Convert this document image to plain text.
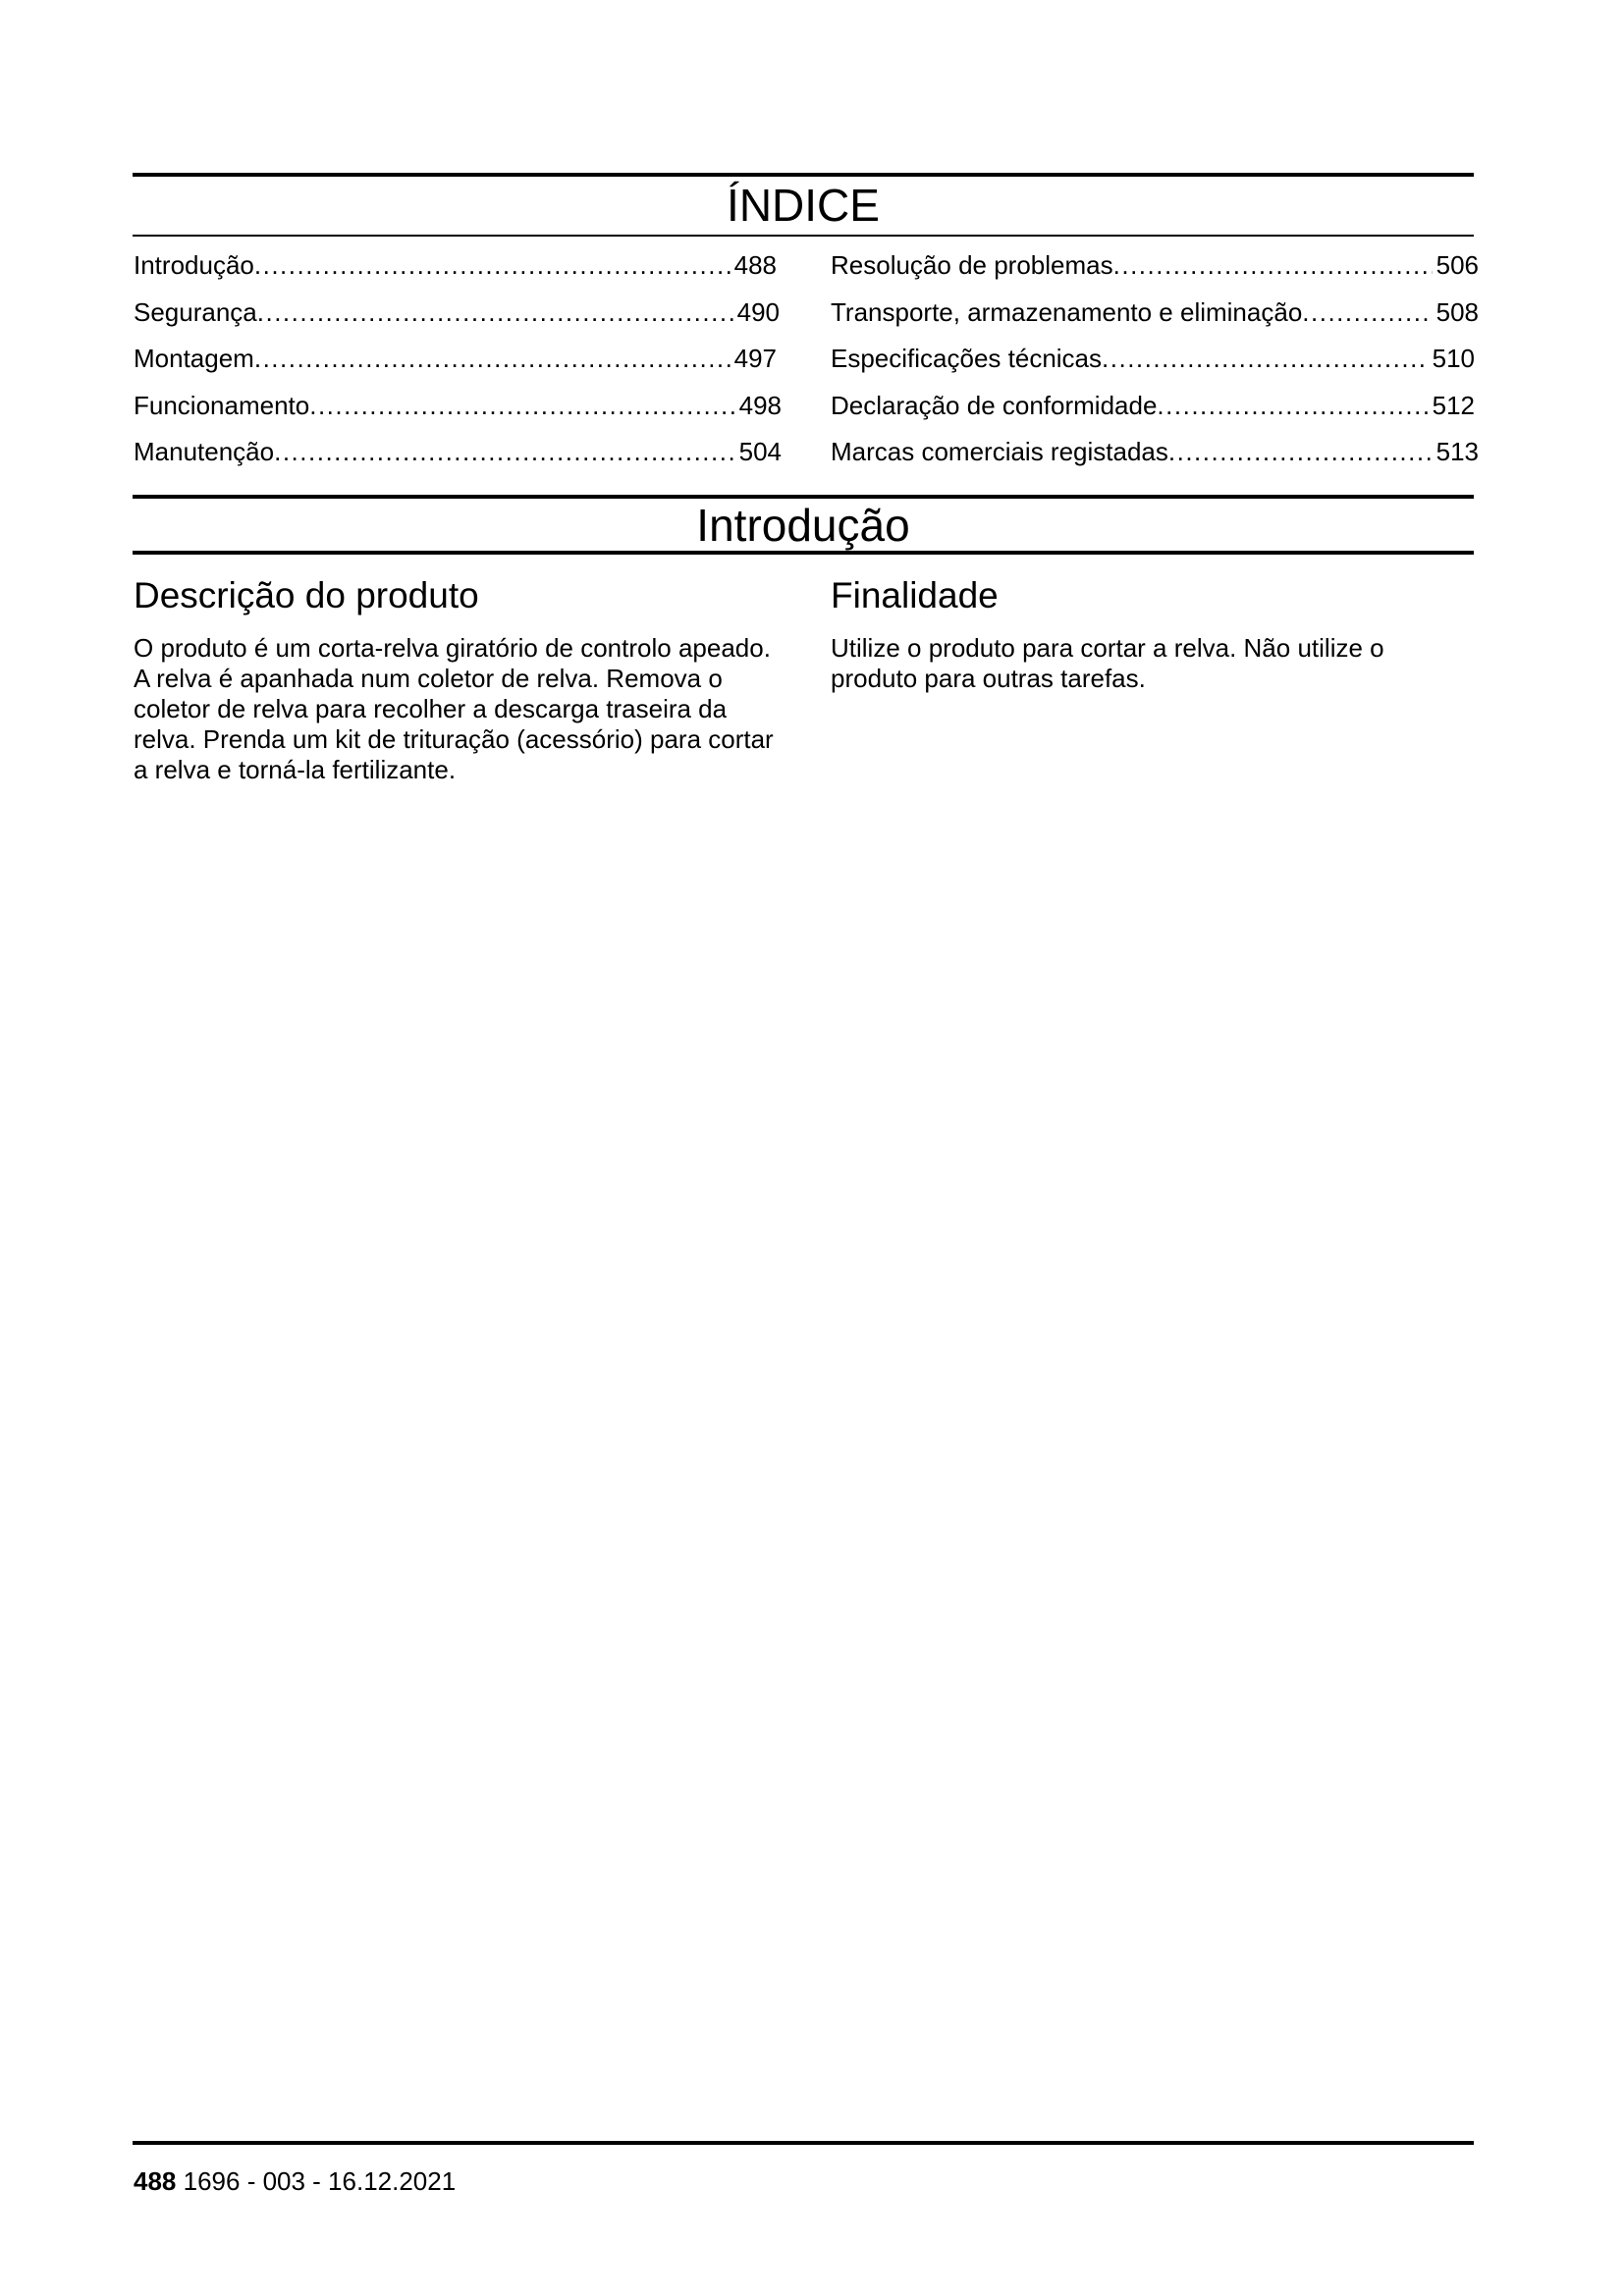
ÍNDICE
Introdução .....	488
Segurança .....	490
Montagem .....	497
Funcionamento .....	498
Manutenção .....	504
Resolução de problemas .....	506
Transporte, armazenamento e eliminação .....	508
Especificações técnicas .....	510
Declaração de conformidade .....	512
Marcas comerciais registadas .....	513
Introdução
Descrição do produto

O produto é um corta-relva giratório de controlo apeado. A relva é apanhada num coletor de relva. Remova o coletor de relva para recolher a descarga traseira da relva. Prenda um kit de trituração (acessório) para cortar a relva e torná-la fertilizante.

Finalidade

Utilize o produto para cortar a relva. Não utilize o produto para outras tarefas.

488 1696 - 003 - 16.12.2021
